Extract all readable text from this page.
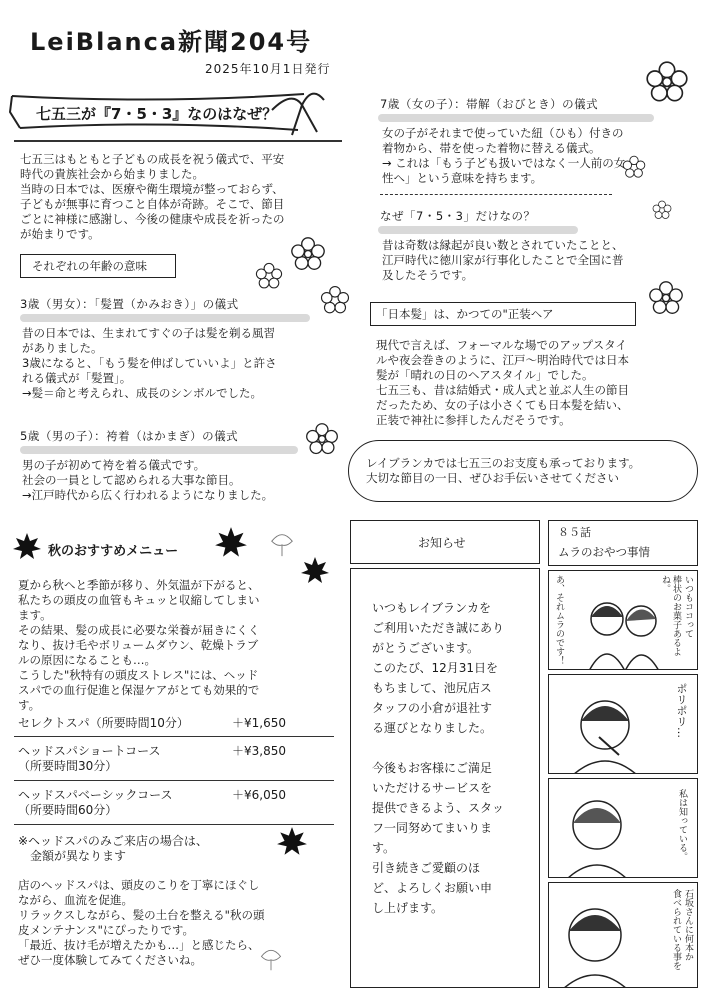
LeiBlanca新聞204号
2025年10月1日発行
七五三が『7・5・3』なのはなぜ？
七五三はもともと子どもの成長を祝う儀式で、平安
時代の貴族社会から始まりました。
当時の日本では、医療や衛生環境が整っておらず、
子どもが無事に育つこと自体が奇跡。そこで、節目
ごとに神様に感謝し、今後の健康や成長を祈ったの
が始まりです。
それぞれの年齢の意味
3歳（男女）：「髪置（かみおき）」の儀式
昔の日本では、生まれてすぐの子は髪を剃る風習
がありました。
3歳になると、「もう髪を伸ばしていいよ」と許さ
れる儀式が「髪置」。
→髪＝命と考えられ、成長のシンボルでした。
5歳（男の子）：袴着（はかまぎ）の儀式
男の子が初めて袴を着る儀式です。
社会の一員として認められる大事な節目。
→江戸時代から広く行われるようになりました。
7歳（女の子）：帯解（おびとき）の儀式
女の子がそれまで使っていた紐（ひも）付きの
着物から、帯を使った着物に替える儀式。
→ これは「もう子ども扱いではなく一人前の女
性へ」という意味を持ちます。
なぜ「7・5・3」だけなの？
昔は奇数は縁起が良い数とされていたことと、
江戸時代に徳川家が行事化したことで全国に普
及したそうです。
「日本髪」は、かつての"正装ヘア
現代で言えば、フォーマルな場でのアップスタイ
ルや夜会巻きのように、江戸〜明治時代では日本
髪が「晴れの日のヘアスタイル」でした。
七五三も、昔は結婚式・成人式と並ぶ人生の節目
だったため、女の子は小さくても日本髪を結い、
正装で神社に参拝したんだそうです。
レイブランカでは七五三のお支度も承っております。
大切な節目の一日、ぜひお手伝いさせてください
秋のおすすめメニュー
夏から秋へと季節が移り、外気温が下がると、
私たちの頭皮の血管もキュッと収縮してしまい
ます。
その結果、髪の成長に必要な栄養が届きにくく
なり、抜け毛やボリュームダウン、乾燥トラブ
ルの原因になることも…。
こうした"秋特有の頭皮ストレス"には、ヘッド
スパでの血行促進と保湿ケアがとても効果的で
す。
セレクトスパ（所要時間10分）	＋¥1,650
ヘッドスパショートコース
（所要時間30分）
＋¥3,850
ヘッドスパベーシックコース
（所要時間60分）
＋¥6,050
※ヘッドスパのみご来店の場合は、
　金額が異なります
店のヘッドスパは、頭皮のこりを丁寧にほぐし
ながら、血流を促進。
リラックスしながら、髪の土台を整える"秋の頭
皮メンテナンス"にぴったりです。
「最近、抜け毛が増えたかも…」と感じたら、
ぜひ一度体験してみてくださいね。
お知らせ
いつもレイブランカを
ご利用いただき誠にあり
がとうございます。
このたび、12月31日を
もちまして、池尻店ス
タッフの小倉が退社す
る運びとなりました。

今後もお客様にご満足
いただけるサービスを
提供できるよう、スタッ
フ一同努めてまいりま
す。
引き続きご愛顧のほ
ど、よろしくお願い申
し上げます。
８５話
ムラのおやつ事情
いつもココって
棒状のお菓子あるよね。
あ、それムラのです！
ポリポリ…
私は知っている。
石坂さんに何本か
食べられている事を
